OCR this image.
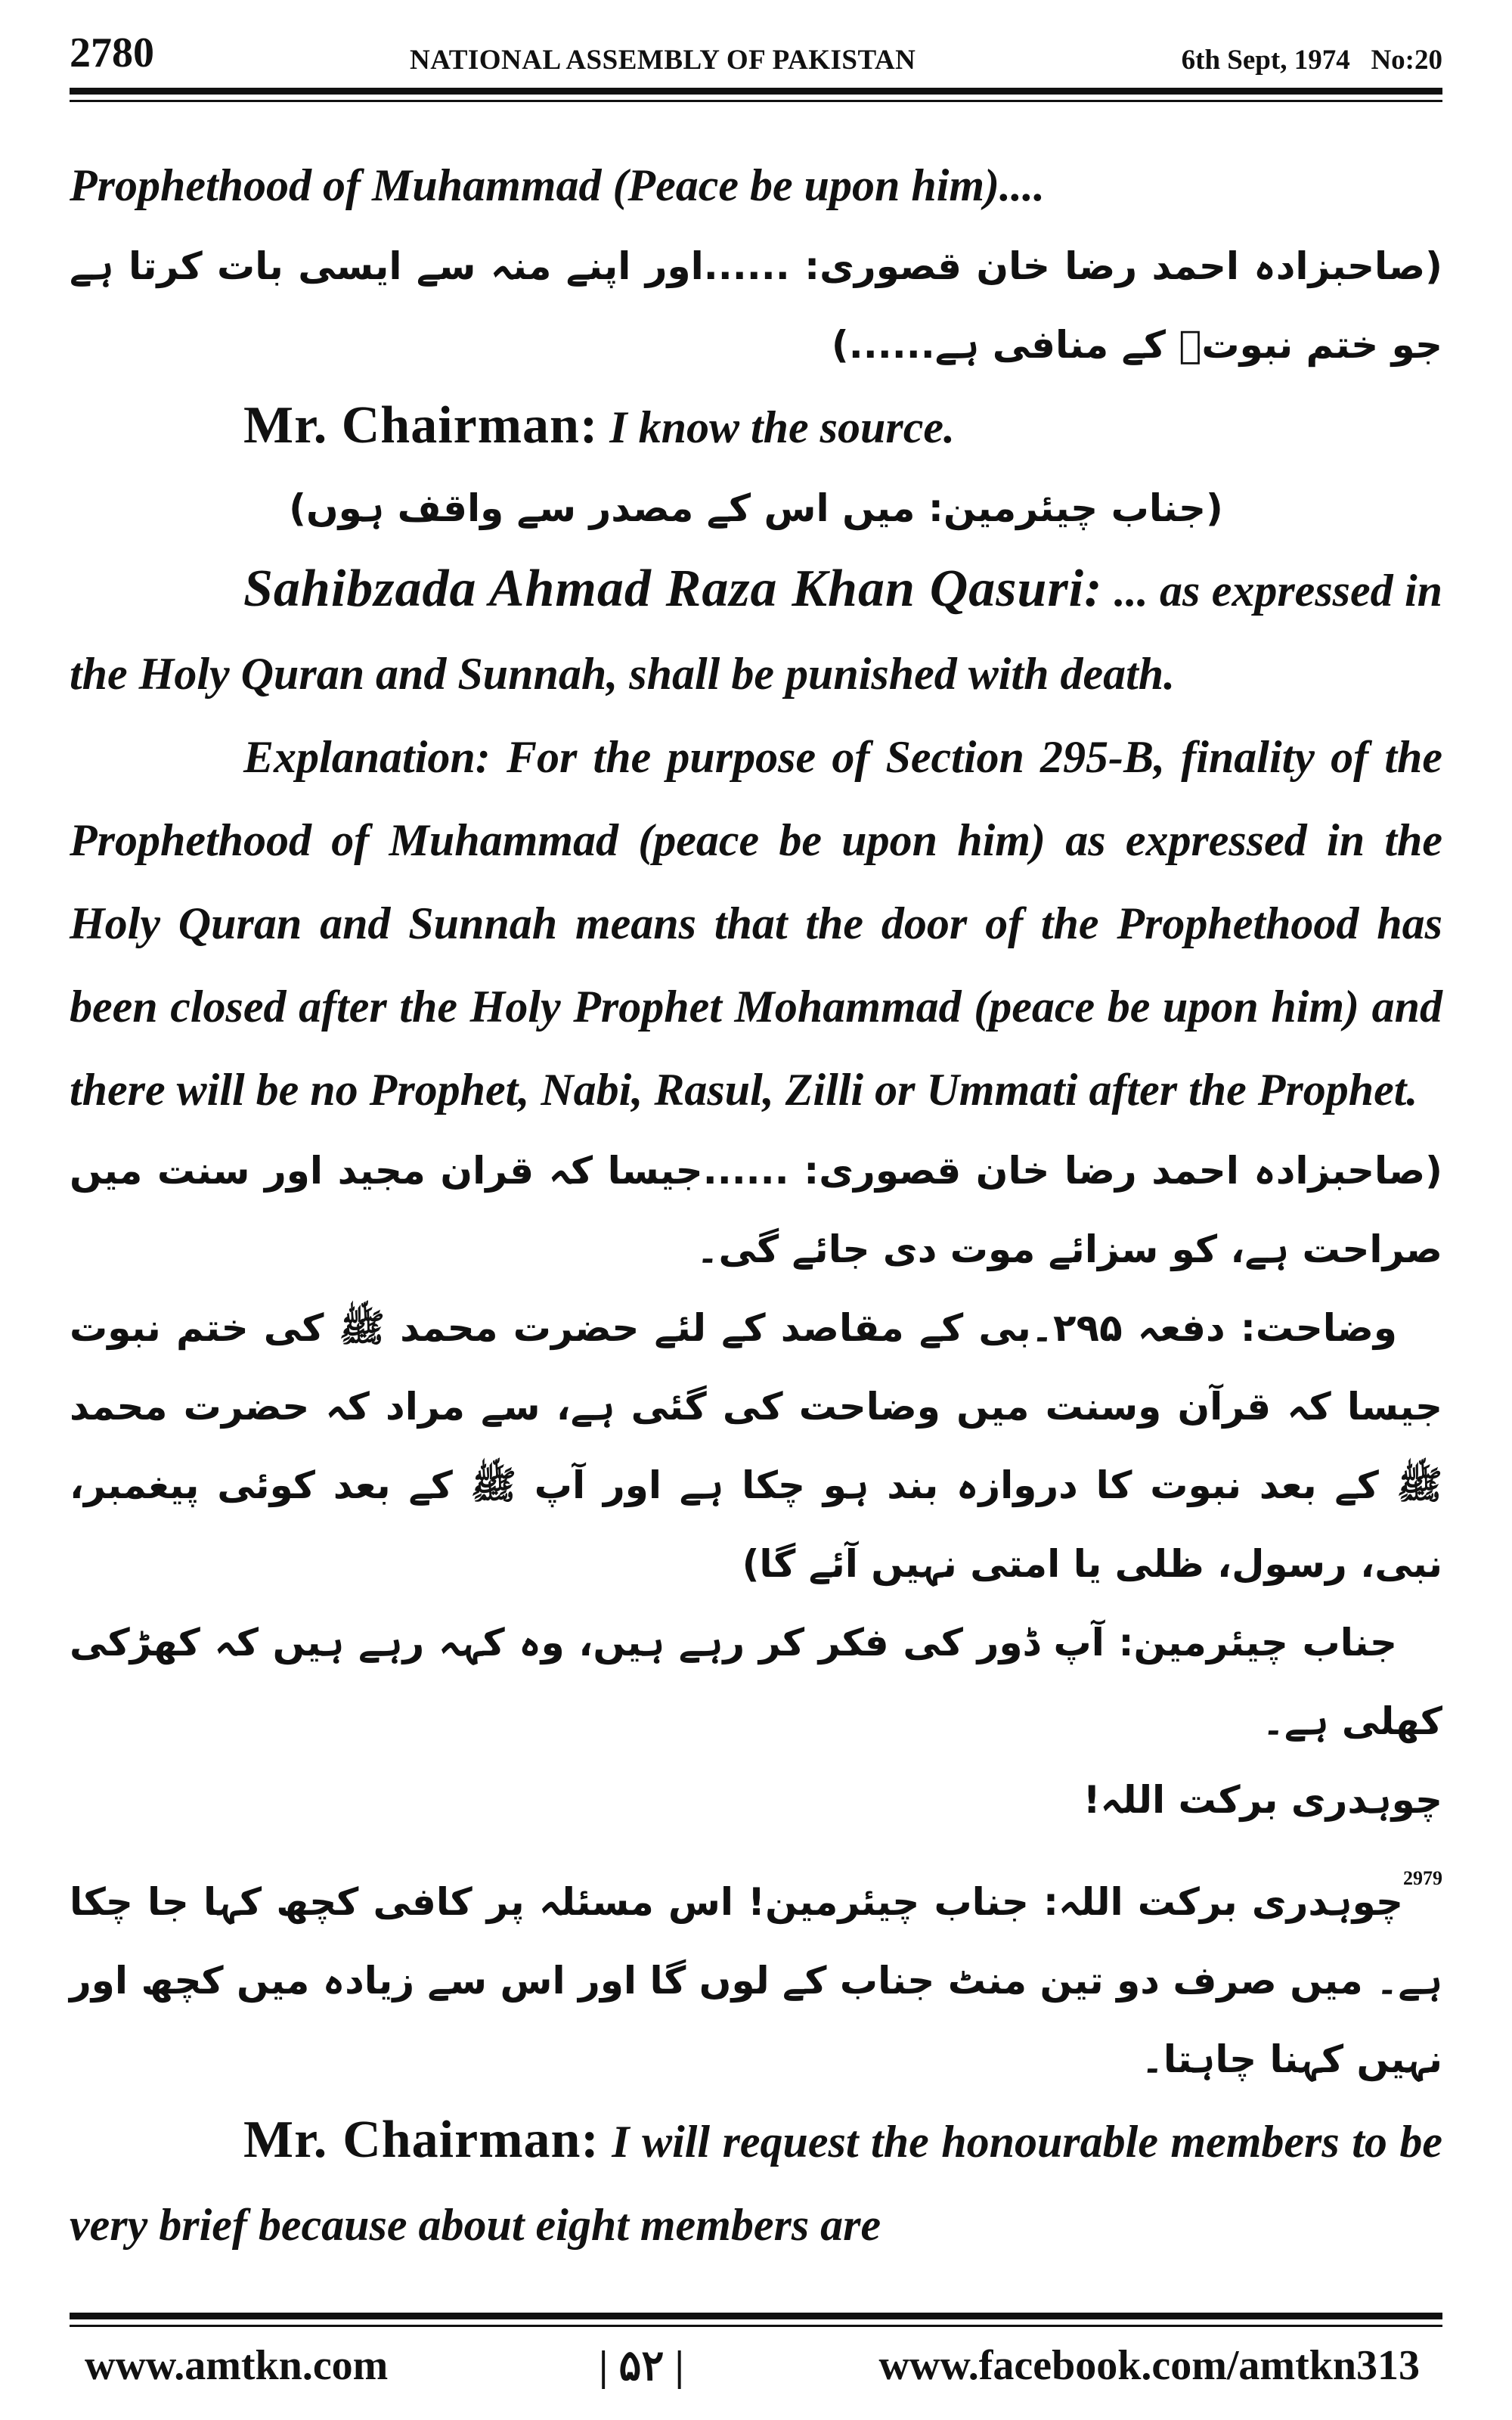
2780	NATIONAL ASSEMBLY OF PAKISTAN	6th Sept, 1974 No:20

Prophethood of Muhammad (Peace be upon him)....

(صاحبزادہ احمد رضا خان قصوری: ......اور اپنے منہ سے ایسی بات کرتا ہے جو ختم نبوتؐ کے منافی ہے......)

Mr. Chairman: I know the source.

(جناب چیئرمین: میں اس کے مصدر سے واقف ہوں)

Sahibzada Ahmad Raza Khan Qasuri: ... as expressed in the Holy Quran and Sunnah, shall be punished with death.

Explanation: For the purpose of Section 295-B, finality of the Prophethood of Muhammad (peace be upon him) as expressed in the Holy Quran and Sunnah means that the door of the Prophethood has been closed after the Holy Prophet Mohammad (peace be upon him) and there will be no Prophet, Nabi, Rasul, Zilli or Ummati after the Prophet.

(صاحبزادہ احمد رضا خان قصوری: ......جیسا کہ قران مجید اور سنت میں صراحت ہے، کو سزائے موت دی جائے گی۔

وضاحت: دفعہ ۲۹۵۔بی کے مقاصد کے لئے حضرت محمد ﷺ کی ختم نبوت جیسا کہ قرآن وسنت میں وضاحت کی گئی ہے، سے مراد کہ حضرت محمد ﷺ کے بعد نبوت کا دروازہ بند ہو چکا ہے اور آپ ﷺ کے بعد کوئی پیغمبر، نبی، رسول، ظلی یا امتی نہیں آئے گا)

جناب چیئرمین: آپ ڈور کی فکر کر رہے ہیں، وہ کہہ رہے ہیں کہ کھڑکی کھلی ہے۔

چوہدری برکت اللہ!

$^{2979}$چوہدری برکت اللہ: جناب چیئرمین! اس مسئلہ پر کافی کچھ کہا جا چکا ہے۔ میں صرف دو تین منٹ جناب کے لوں گا اور اس سے زیادہ میں کچھ اور نہیں کہنا چاہتا۔

Mr. Chairman: I will request the honourable members to be very brief because about eight members are

www.amtkn.com	| ۵۲ |	www.facebook.com/amtkn313
